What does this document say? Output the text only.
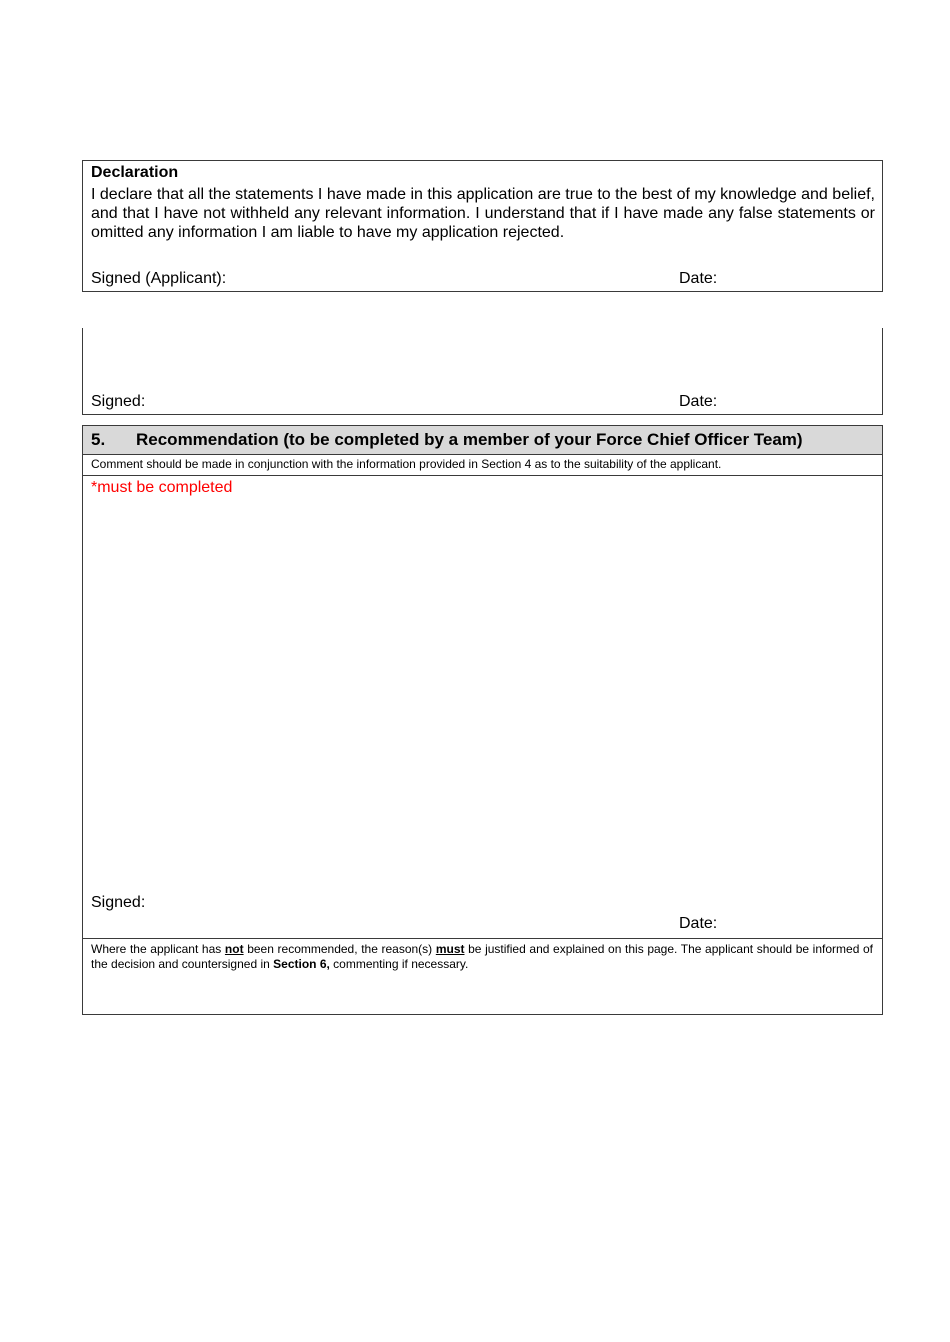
Declaration
I declare that all the statements I have made in this application are true to the best of my knowledge and belief, and that I have not withheld any relevant information. I understand that if I have made any false statements or omitted any information I am liable to have my application rejected.
Signed (Applicant):	Date:
Signed:	Date:
5. Recommendation (to be completed by a member of your Force Chief Officer Team)
Comment should be made in conjunction with the information provided in Section 4 as to the suitability of the applicant.
*must be completed
Signed:
Date:
Where the applicant has not been recommended, the reason(s) must be justified and explained on this page. The applicant should be informed of the decision and countersigned in Section 6, commenting if necessary.
